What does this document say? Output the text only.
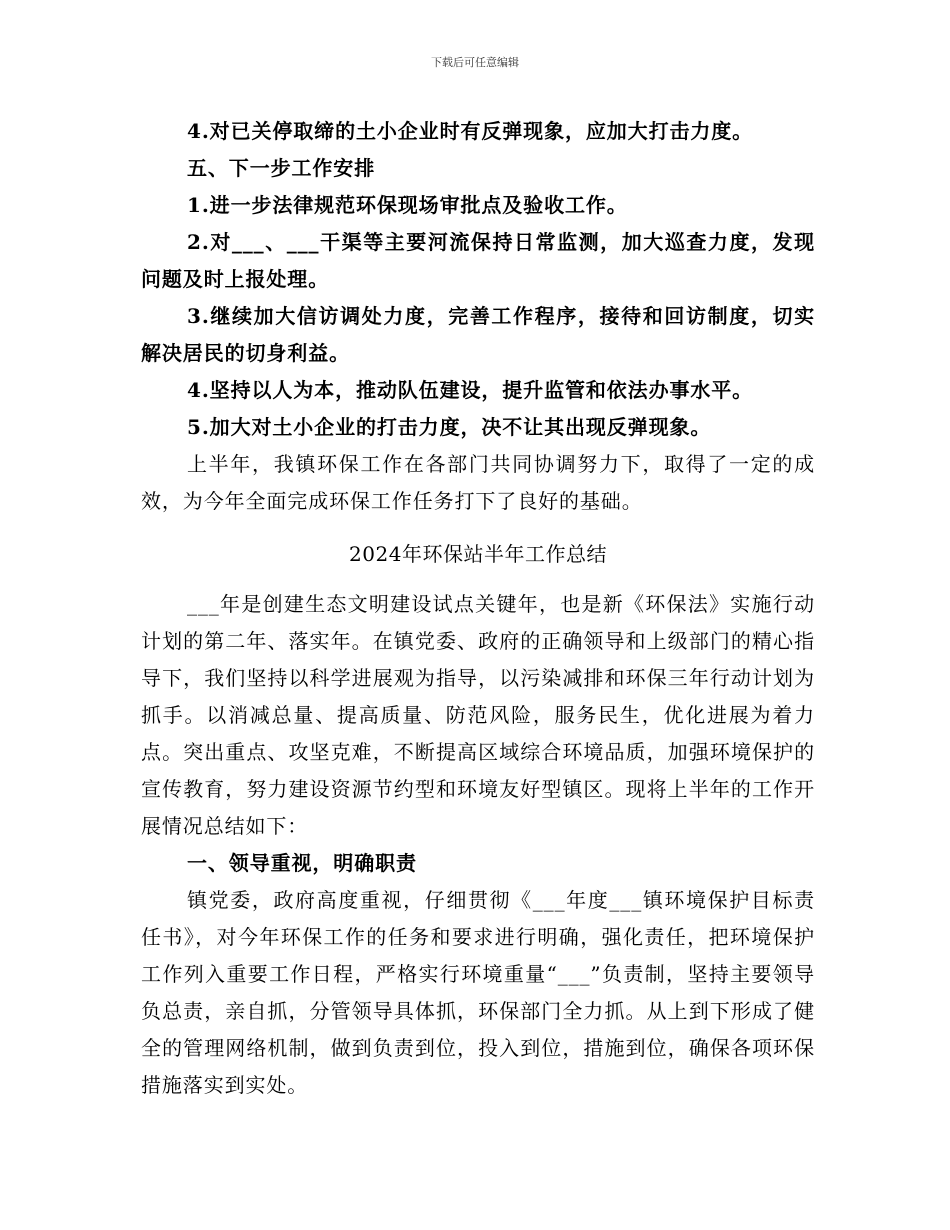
下载后可任意编辑

4.对已关停取缔的土小企业时有反弹现象，应加大打击力度。

五、下一步工作安排

1.进一步法律规范环保现场审批点及验收工作。

2.对___、___干渠等主要河流保持日常监测，加大巡查力度，发现问题及时上报处理。

3.继续加大信访调处力度，完善工作程序，接待和回访制度，切实解决居民的切身利益。

4.坚持以人为本，推动队伍建设，提升监管和依法办事水平。

5.加大对土小企业的打击力度，决不让其出现反弹现象。

上半年，我镇环保工作在各部门共同协调努力下，取得了一定的成效，为今年全面完成环保工作任务打下了良好的基础。

2024年环保站半年工作总结

___年是创建生态文明建设试点关键年，也是新《环保法》实施行动计划的第二年、落实年。在镇党委、政府的正确领导和上级部门的精心指导下，我们坚持以科学进展观为指导，以污染减排和环保三年行动计划为抓手。以消减总量、提高质量、防范风险，服务民生，优化进展为着力点。突出重点、攻坚克难，不断提高区域综合环境品质，加强环境保护的宣传教育，努力建设资源节约型和环境友好型镇区。现将上半年的工作开展情况总结如下：

一、领导重视，明确职责

镇党委，政府高度重视，仔细贯彻《___年度___镇环境保护目标责任书》，对今年环保工作的任务和要求进行明确，强化责任，把环境保护工作列入重要工作日程，严格实行环境重量“___”负责制，坚持主要领导负总责，亲自抓，分管领导具体抓，环保部门全力抓。从上到下形成了健全的管理网络机制，做到负责到位，投入到位，措施到位，确保各项环保措施落实到实处。
